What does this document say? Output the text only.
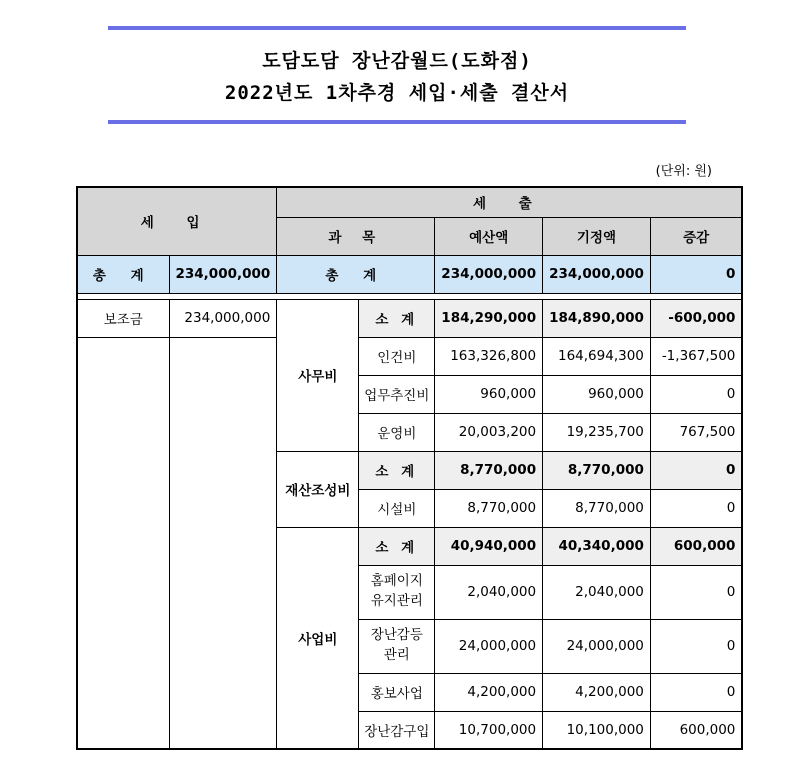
도담도담 장난감월드(도화점)
2022년도 1차추경 세입·세출 결산서
(단위: 원)
세 입		세 출				
		과 목		예산액	기정액	증감
총 계	234,000,000	총 계		234,000,000	234,000,000	0

보조금	234,000,000	사무비	소 계	184,290,000	184,890,000	-600,000
			인건비	163,326,800	164,694,300	-1,367,500
			업무추진비	960,000	960,000	0
			운영비	20,003,200	19,235,700	767,500
		재산조성비	소 계	8,770,000	8,770,000	0
			시설비	8,770,000	8,770,000	0
		사업비	소 계	40,940,000	40,340,000	600,000
			홈페이지 유지관리	2,040,000	2,040,000	0
			장난감등 관리	24,000,000	24,000,000	0
			홍보사업	4,200,000	4,200,000	0
			장난감구입	10,700,000	10,100,000	600,000
